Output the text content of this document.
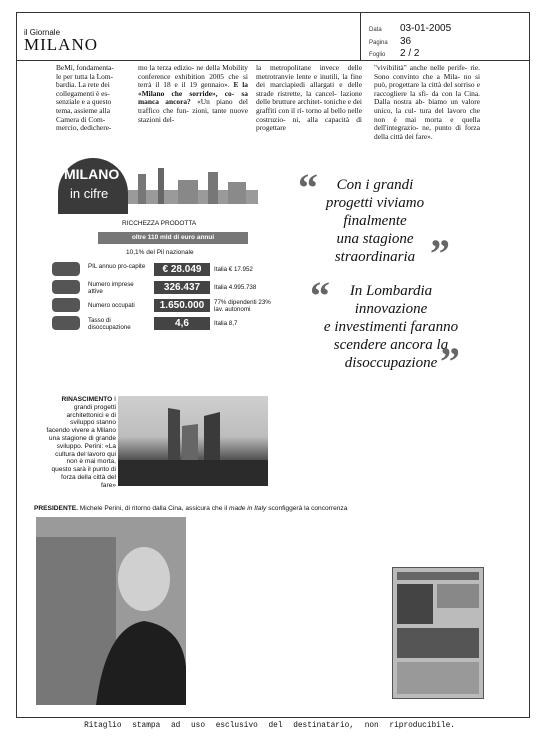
il Giornale
MILANO
Data 03-01-2005
Pagina 36
Foglio 2 / 2
BeMi, fondamenta-
le per tutta la Lom-
bardia. La rete dei
collegamenti è es-
senziale e a questo
tema, assieme alla
Camera di Com-
mercio, dedichere-
mo la terza edizio- ne della Mobility conference exhibition 2005 che si terrà il 18 e il 19 gennaio». E la «Milano che sorride», co- sa manca ancora? «Un piano del traffico che fun- zioni, tante nuove stazioni del-
la metropolitane invece delle metrotranvie lente e inutili, la fine dei marciapiedi allargati e delle strade ristrette, la cancel- lazione delle brutture architet- toniche e dei graffiti con il ri- torno al bello nelle costruzio- ni, alla capacità di progettare
"vivibilità" anche nelle perife- rie. Sono convinto che a Mila- no si può, progettare la città del sorriso e raccogliere la sfi- da con la Cina. Dalla nostra ab- biamo un valore unico, la cul- tura del lavoro che non è mai morta e quella dell'integrazio- ne, punto di forza della città dei fare».
MILANO
in cifre
RICCHEZZA PRODOTTA
oltre 110 mld di euro annui
10,1% del Pil nazionale
PIL annuo pro-capite	€ 28.049	Italia € 17.952
Numero imprese attive	326.437	Italia 4.995.738
Numero occupati	1.650.000	77% dipendenti 23% lav. autonomi
Tasso di disoccupazione	4,6	Italia 8,7
“	Con i grandi
progetti viviamo
finalmente
una stagione
straordinaria ”
“	In Lombardia
innovazione
e investimenti faranno
scendere ancora la
disoccupazione ”
RINASCIMENTO I grandi progetti architettonici e di sviluppo stanno facendo vivere a Milano una stagione di grande sviluppo. Perini: «La cultura del lavoro qui non è mai morta, questo sarà il punto di forza della città del fare»
PRESIDENTE. Michele Perini, di ritorno dalla Cina, assicura che il made in Italy sconfiggerà la concorrenza
Ritaglio stampa ad uso esclusivo del destinatario, non riproducibile.
